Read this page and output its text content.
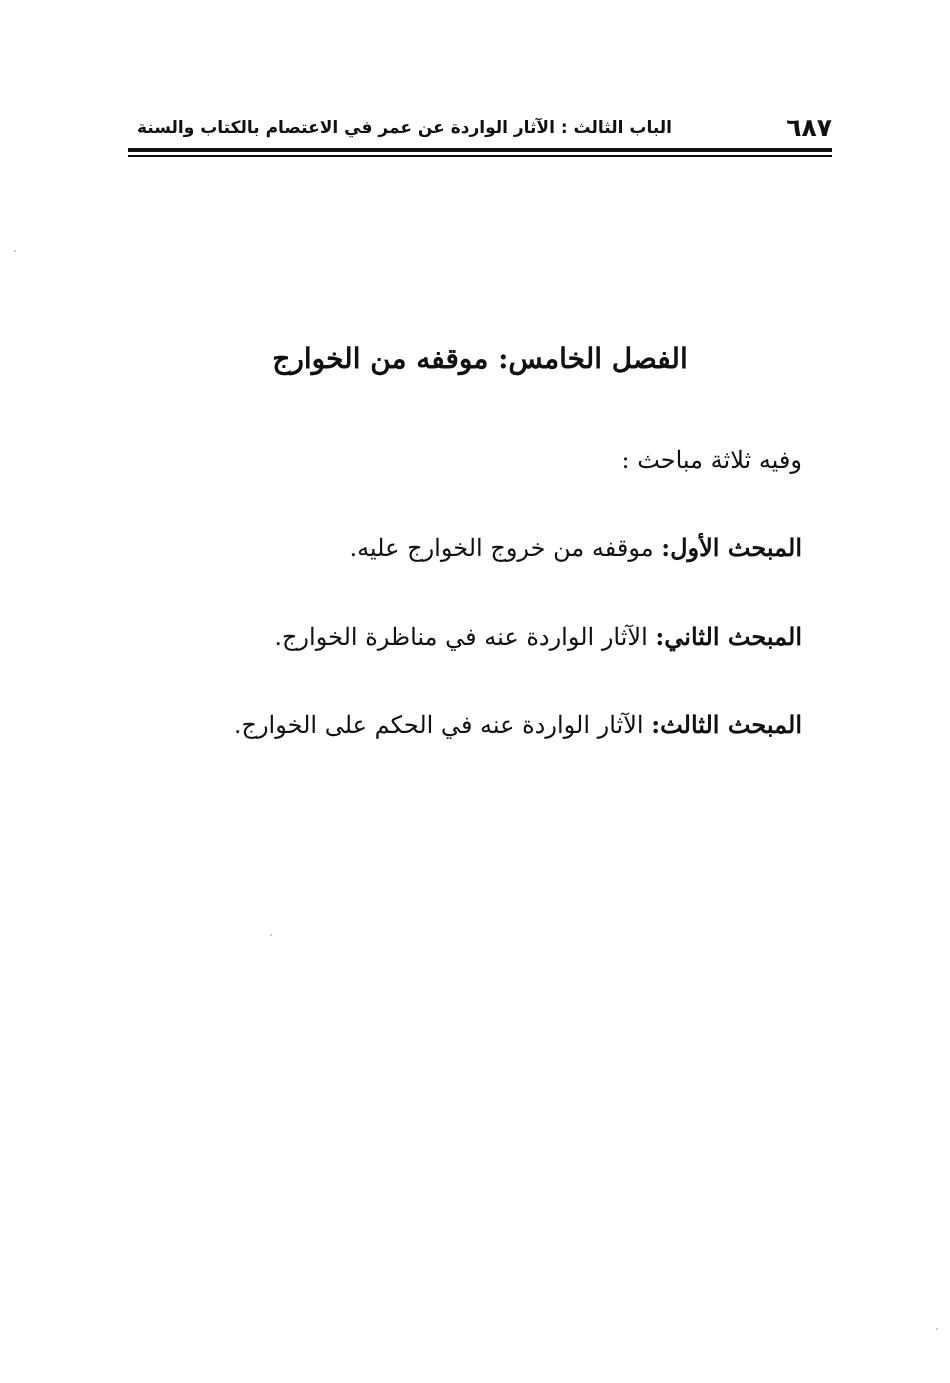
٦٨٧
الباب الثالث : الآثار الواردة عن عمر في الاعتصام بالكتاب والسنة
الفصل الخامس: موقفه من الخوارج
وفيه ثلاثة مباحث :
المبحث الأول: موقفه من خروج الخوارج عليه.
المبحث الثاني: الآثار الواردة عنه في مناظرة الخوارج.
المبحث الثالث: الآثار الواردة عنه في الحكم على الخوارج.
